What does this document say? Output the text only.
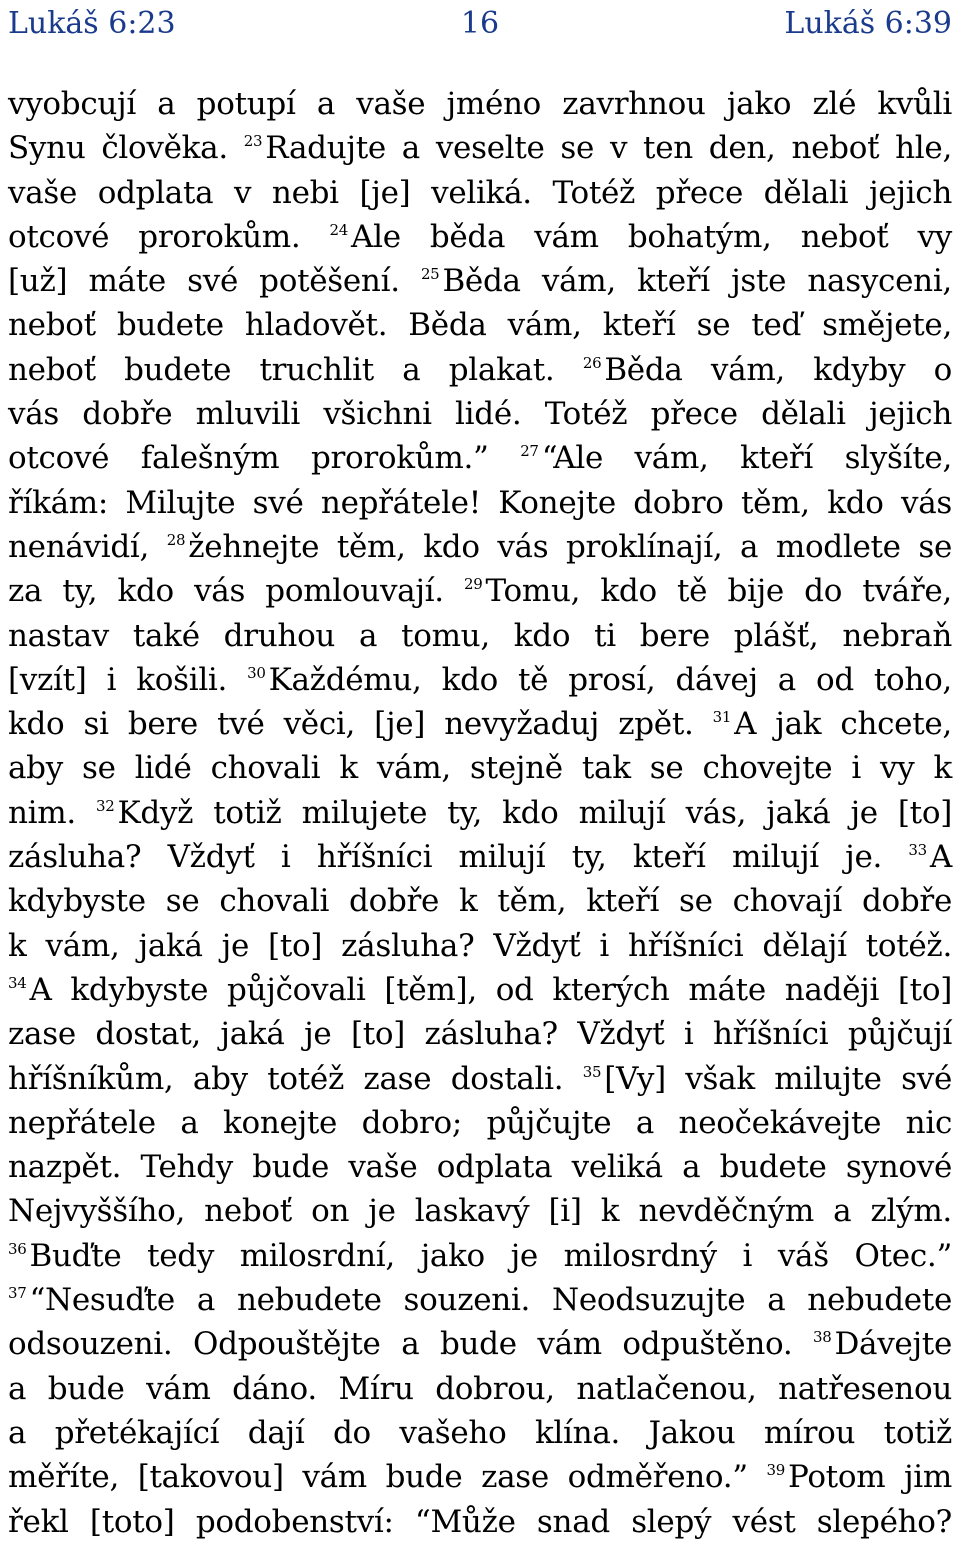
Lukáš 6:23	16	Lukáš 6:39
vyobcují a potupí a vaše jméno zavrhnou jako zlé kvůli
Synu člověka. $^{23}$Radujte a veselte se v ten den, neboť hle,
vaše odplata v nebi [je] veliká. Totéž přece dělali jejich
otcové prorokům. $^{24}$Ale běda vám bohatým, neboť vy
[už] máte své potěšení. $^{25}$Běda vám, kteří jste nasyceni,
neboť budete hladovět. Běda vám, kteří se teď smějete,
neboť budete truchlit a plakat. $^{26}$Běda vám, kdyby o
vás dobře mluvili všichni lidé. Totéž přece dělali jejich
otcové falešným prorokům.” $^{27}$“Ale vám, kteří slyšíte,
říkám: Milujte své nepřátele! Konejte dobro těm, kdo vás
nenávidí, $^{28}$žehnejte těm, kdo vás proklínají, a modlete se
za ty, kdo vás pomlouvají. $^{29}$Tomu, kdo tě bije do tváře,
nastav také druhou a tomu, kdo ti bere plášť, nebraň
[vzít] i košili. $^{30}$Každému, kdo tě prosí, dávej a od toho,
kdo si bere tvé věci, [je] nevyžaduj zpět. $^{31}$A jak chcete,
aby se lidé chovali k vám, stejně tak se chovejte i vy k
nim. $^{32}$Když totiž milujete ty, kdo milují vás, jaká je [to]
zásluha? Vždyť i hříšníci milují ty, kteří milují je. $^{33}$A
kdybyste se chovali dobře k těm, kteří se chovají dobře
k vám, jaká je [to] zásluha? Vždyť i hříšníci dělají totéž.
$^{34}$A kdybyste půjčovali [těm], od kterých máte naději [to]
zase dostat, jaká je [to] zásluha? Vždyť i hříšníci půjčují
hříšníkům, aby totéž zase dostali. $^{35}$[Vy] však milujte své
nepřátele a konejte dobro; půjčujte a neočekávejte nic
nazpět. Tehdy bude vaše odplata veliká a budete synové
Nejvyššího, neboť on je laskavý [i] k nevděčným a zlým.
$^{36}$Buďte tedy milosrdní, jako je milosrdný i váš Otec.”
$^{37}$“Nesuďte a nebudete souzeni. Neodsuzujte a nebudete
odsouzeni. Odpouštějte a bude vám odpuštěno. $^{38}$Dávejte
a bude vám dáno. Míru dobrou, natlačenou, natřesenou
a přetékající dají do vašeho klína. Jakou mírou totiž
měříte, [takovou] vám bude zase odměřeno.” $^{39}$Potom jim
řekl [toto] podobenství: “Může snad slepý vést slepého?
